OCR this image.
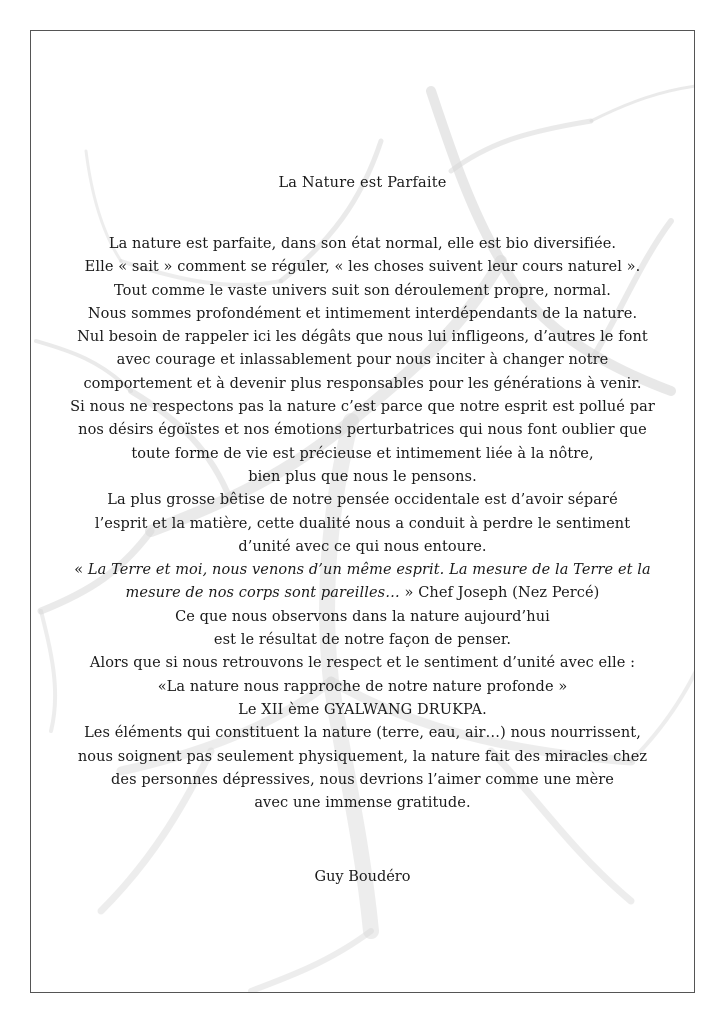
La Nature est Parfaite
La nature est parfaite, dans son état normal, elle est bio diversifiée.
Elle « sait » comment se réguler, « les choses suivent leur cours naturel ».
Tout comme le vaste univers suit son déroulement propre, normal.
Nous sommes profondément et intimement interdépendants de la nature.
Nul besoin de rappeler ici les dégâts que nous lui infligeons, d’autres le font
avec courage et inlassablement pour nous inciter à changer notre
comportement et à devenir plus responsables pour les générations à venir.
Si nous ne respectons pas la nature c’est parce que notre esprit est pollué par
nos désirs égoïstes et nos émotions perturbatrices qui nous font oublier que
toute forme de vie est précieuse et intimement liée à la nôtre,
bien plus que nous le pensons.
La plus grosse bêtise de notre pensée occidentale est d’avoir séparé
l’esprit et la matière, cette dualité nous a conduit à perdre le sentiment
d’unité avec ce qui nous entoure.
« La Terre et moi, nous venons d’un même esprit. La mesure de la Terre et la
mesure de nos corps sont pareilles… » Chef Joseph (Nez Percé)
Ce que nous observons dans la nature aujourd’hui
est le résultat de notre façon de penser.
Alors que si nous retrouvons le respect et le sentiment d’unité avec elle :
«La nature nous rapproche de notre nature profonde »
Le XII ème GYALWANG DRUKPA.
Les éléments qui constituent la nature (terre, eau, air…) nous nourrissent,
nous soignent pas seulement physiquement, la nature fait des miracles chez
des personnes dépressives, nous devrions l’aimer comme une mère
avec une immense gratitude.
Guy Boudéro
